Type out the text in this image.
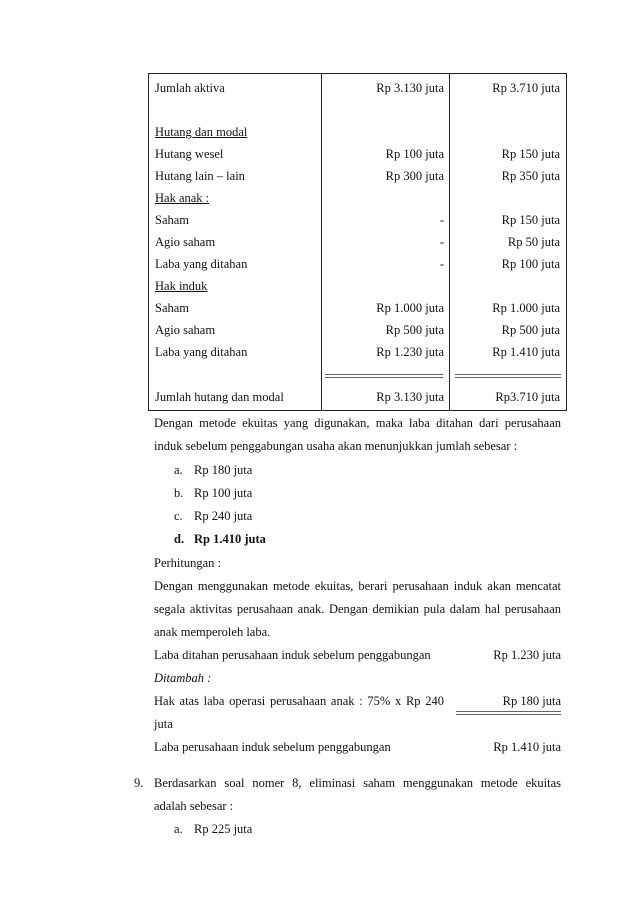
Jumlah aktiva	Rp 3.130 juta	Rp 3.710 juta
Hutang dan modal
Hutang wesel	Rp 100 juta	Rp 150 juta
Hutang lain – lain	Rp 300 juta	Rp 350 juta
Hak anak :
Saham	-	Rp 150 juta
Agio saham	-	Rp 50 juta
Laba yang ditahan	-	Rp 100 juta
Hak induk
Saham	Rp 1.000 juta	Rp 1.000 juta
Agio saham	Rp 500 juta	Rp 500 juta
Laba yang ditahan	Rp 1.230 juta	Rp 1.410 juta
Jumlah hutang dan modal	Rp 3.130 juta	Rp3.710 juta
Dengan metode ekuitas yang digunakan, maka laba ditahan dari perusahaan
induk sebelum penggabungan usaha akan menunjukkan jumlah sebesar :
a. Rp 180 juta
b. Rp 100 juta
c. Rp 240 juta
d. Rp 1.410 juta
Perhitungan :
Dengan menggunakan metode ekuitas, berari perusahaan induk akan mencatat
segala aktivitas perusahaan anak. Dengan demikian pula dalam hal perusahaan
anak memperoleh laba.
Laba ditahan perusahaan induk sebelum penggabungan	Rp 1.230 juta
Ditambah :
Hak atas laba operasi perusahaan anak : 75% x Rp 240	Rp 180 juta
juta
Laba perusahaan induk sebelum penggabungan	Rp 1.410 juta
9. Berdasarkan soal nomer 8, eliminasi saham menggunakan metode ekuitas
adalah sebesar :
a. Rp 225 juta
